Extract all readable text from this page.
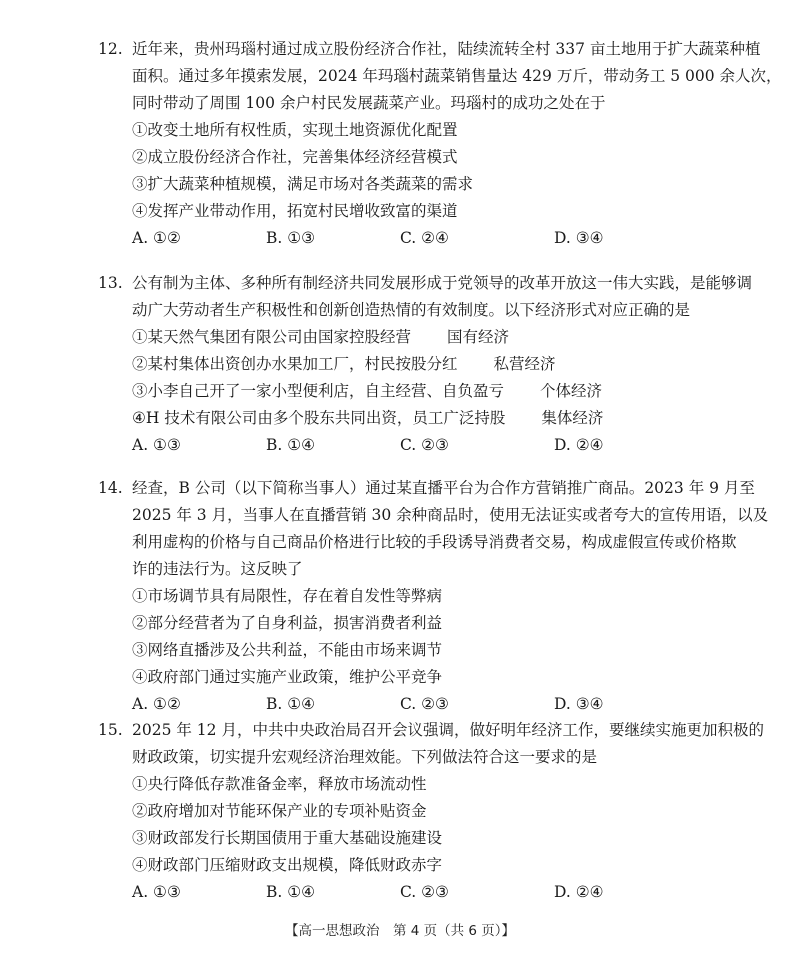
12. 近年来，贵州玛瑙村通过成立股份经济合作社，陆续流转全村 337 亩土地用于扩大蔬菜种植
面积。通过多年摸索发展，2024 年玛瑙村蔬菜销售量达 429 万斤，带动务工 5 000 余人次，
同时带动了周围 100 余户村民发展蔬菜产业。玛瑙村的成功之处在于
①改变土地所有权性质，实现土地资源优化配置
②成立股份经济合作社，完善集体经济经营模式
③扩大蔬菜种植规模，满足市场对各类蔬菜的需求
④发挥产业带动作用，拓宽村民增收致富的渠道
A. ①②	B. ①③	C. ②④	D. ③④
13. 公有制为主体、多种所有制经济共同发展形成于党领导的改革开放这一伟大实践，是能够调
动广大劳动者生产积极性和创新创造热情的有效制度。以下经济形式对应正确的是
①某天然气集团有限公司由国家控股经营 国有经济
②某村集体出资创办水果加工厂，村民按股分红 私营经济
③小李自己开了一家小型便利店，自主经营、自负盈亏 个体经济
④H 技术有限公司由多个股东共同出资，员工广泛持股 集体经济
A. ①③	B. ①④	C. ②③	D. ②④
14. 经查，B 公司（以下简称当事人）通过某直播平台为合作方营销推广商品。2023 年 9 月至
2025 年 3 月，当事人在直播营销 30 余种商品时，使用无法证实或者夸大的宣传用语，以及
利用虚构的价格与自己商品价格进行比较的手段诱导消费者交易，构成虚假宣传或价格欺
诈的违法行为。这反映了
①市场调节具有局限性，存在着自发性等弊病
②部分经营者为了自身利益，损害消费者利益
③网络直播涉及公共利益，不能由市场来调节
④政府部门通过实施产业政策，维护公平竞争
A. ①②	B. ①④	C. ②③	D. ③④
15. 2025 年 12 月，中共中央政治局召开会议强调，做好明年经济工作，要继续实施更加积极的
财政政策，切实提升宏观经济治理效能。下列做法符合这一要求的是
①央行降低存款准备金率，释放市场流动性
②政府增加对节能环保产业的专项补贴资金
③财政部发行长期国债用于重大基础设施建设
④财政部门压缩财政支出规模，降低财政赤字
A. ①③	B. ①④	C. ②③	D. ②④
【高一思想政治　第 4 页（共 6 页）】
